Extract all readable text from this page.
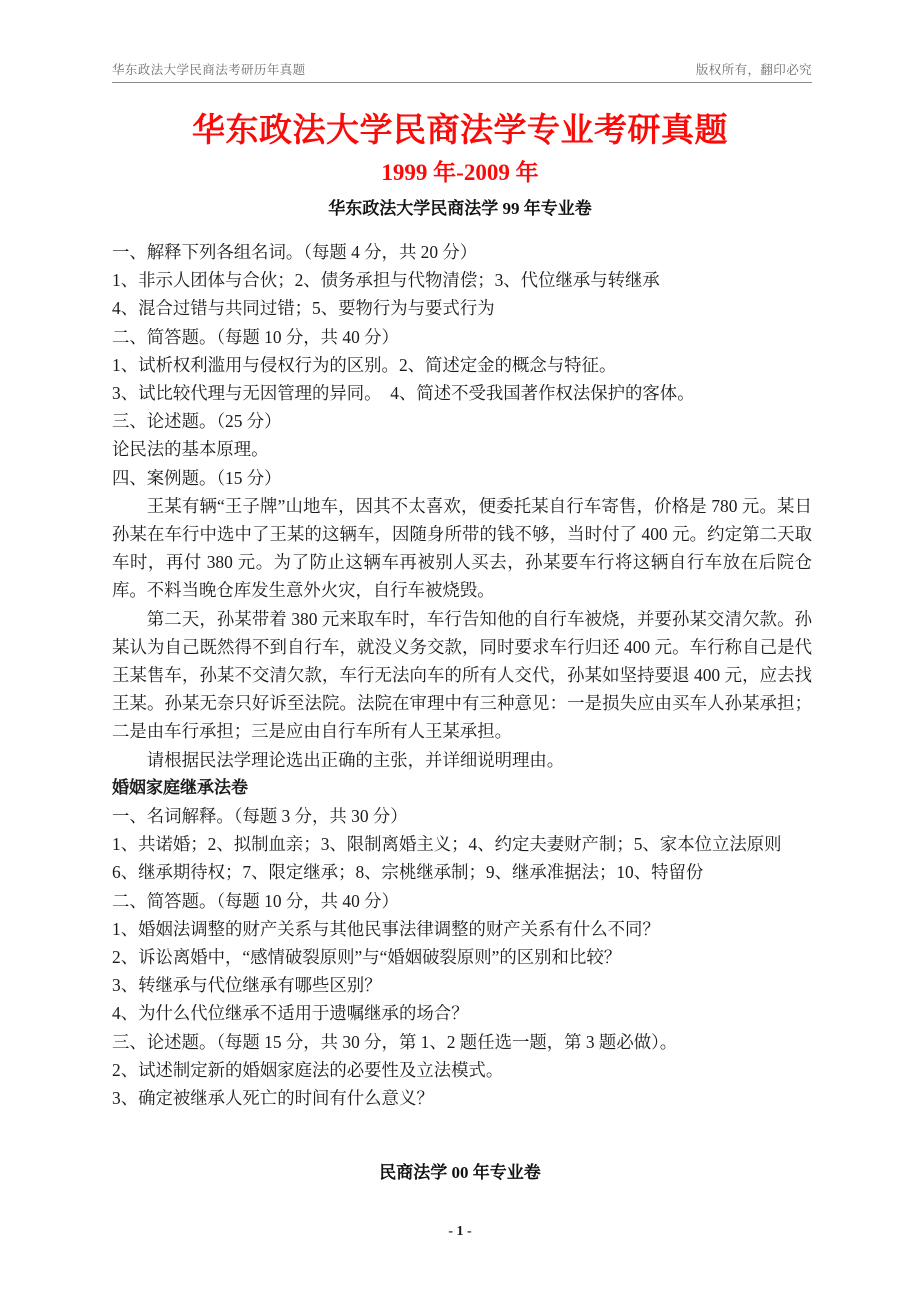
华东政法大学民商法考研历年真题	版权所有，翻印必究
华东政法大学民商法学专业考研真题
1999 年-2009 年
华东政法大学民商法学 99 年专业卷
一、解释下列各组名词。（每题 4 分，共 20 分）
1、非示人团体与合伙；2、债务承担与代物清偿；3、代位继承与转继承
4、混合过错与共同过错；5、要物行为与要式行为
二、简答题。（每题 10 分，共 40 分）
1、试析权利滥用与侵权行为的区别。2、简述定金的概念与特征。
3、试比较代理与无因管理的异同。　4、简述不受我国著作权法保护的客体。
三、论述题。（25 分）
论民法的基本原理。
四、案例题。（15 分）

王某有辆“王子牌”山地车，因其不太喜欢，便委托某自行车寄售，价格是 780 元。某日孙某在车行中选中了王某的这辆车，因随身所带的钱不够，当时付了 400 元。约定第二天取车时，再付 380 元。为了防止这辆车再被别人买去，孙某要车行将这辆自行车放在后院仓库。不料当晚仓库发生意外火灾，自行车被烧毁。

第二天，孙某带着 380 元来取车时，车行告知他的自行车被烧，并要孙某交清欠款。孙某认为自己既然得不到自行车，就没义务交款，同时要求车行归还 400 元。车行称自己是代王某售车，孙某不交清欠款，车行无法向车的所有人交代，孙某如坚持要退 400 元，应去找王某。孙某无奈只好诉至法院。法院在审理中有三种意见：一是损失应由买车人孙某承担；二是由车行承担；三是应由自行车所有人王某承担。

请根据民法学理论选出正确的主张，并详细说明理由。

婚姻家庭继承法卷
一、名词解释。（每题 3 分，共 30 分）

1、共诺婚；2、拟制血亲；3、限制离婚主义；4、约定夫妻财产制；5、家本位立法原则

6、继承期待权；7、限定继承；8、宗桃继承制；9、继承准据法；10、特留份
二、简答题。（每题 10 分，共 40 分）
1、婚姻法调整的财产关系与其他民事法律调整的财产关系有什么不同？
2、诉讼离婚中，“感情破裂原则”与“婚姻破裂原则”的区别和比较？
3、转继承与代位继承有哪些区别？
4、为什么代位继承不适用于遗嘱继承的场合？
三、论述题。（每题 15 分，共 30 分，第 1、2 题任选一题，第 3 题必做）。
2、试述制定新的婚姻家庭法的必要性及立法模式。
3、确定被继承人死亡的时间有什么意义？
民商法学 00 年专业卷
- 1 -
